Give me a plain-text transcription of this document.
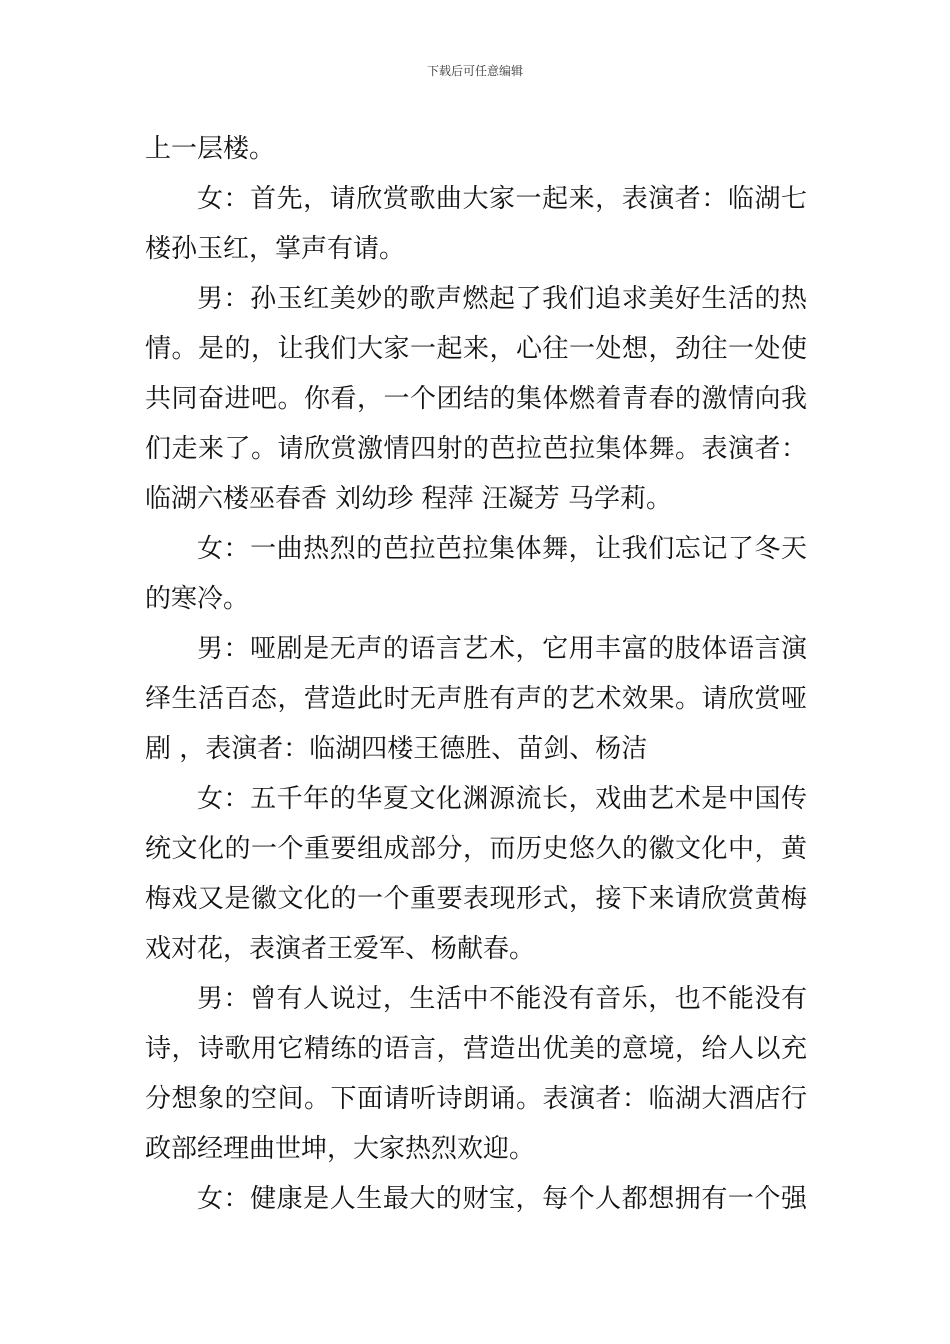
下载后可任意编辑
上一层楼。
女：首先，请欣赏歌曲大家一起来，表演者：临湖七
楼孙玉红，掌声有请。
男：孙玉红美妙的歌声燃起了我们追求美好生活的热
情。是的，让我们大家一起来，心往一处想，劲往一处使
共同奋进吧。你看，一个团结的集体燃着青春的激情向我
们走来了。请欣赏激情四射的芭拉芭拉集体舞。表演者：
临湖六楼巫春香 刘幼珍 程萍 汪凝芳 马学莉。
女：一曲热烈的芭拉芭拉集体舞，让我们忘记了冬天
的寒冷。
男：哑剧是无声的语言艺术，它用丰富的肢体语言演
绎生活百态，营造此时无声胜有声的艺术效果。请欣赏哑
剧 ，表演者：临湖四楼王德胜、苗剑、杨洁
女：五千年的华夏文化渊源流长，戏曲艺术是中国传
统文化的一个重要组成部分，而历史悠久的徽文化中，黄
梅戏又是徽文化的一个重要表现形式，接下来请欣赏黄梅
戏对花，表演者王爱军、杨献春。
男：曾有人说过，生活中不能没有音乐，也不能没有
诗，诗歌用它精练的语言，营造出优美的意境，给人以充
分想象的空间。下面请听诗朗诵。表演者：临湖大酒店行
政部经理曲世坤，大家热烈欢迎。
女：健康是人生最大的财宝，每个人都想拥有一个强
